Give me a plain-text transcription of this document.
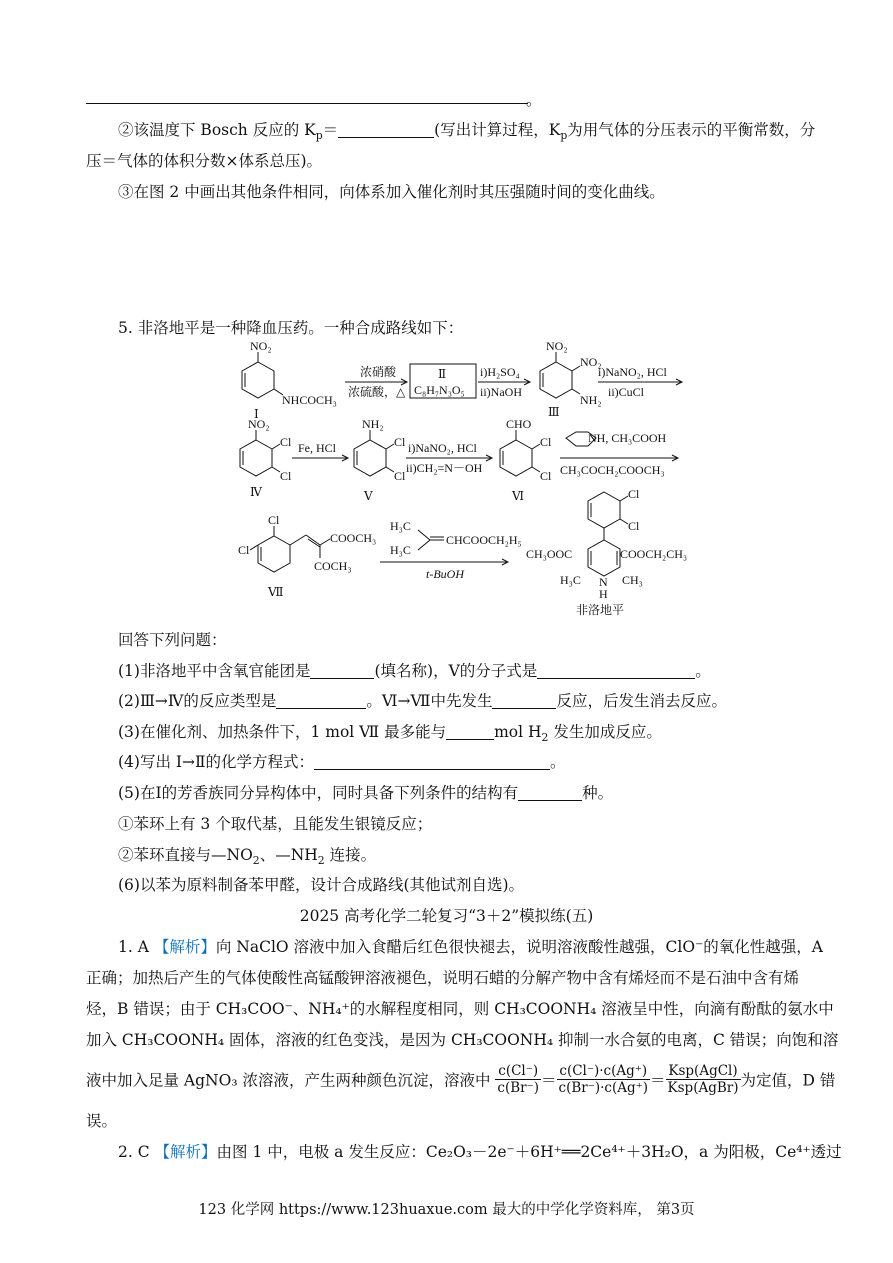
。
②该温度下 Bosch 反应的 $K_p=$	(写出计算过程，$K_p$为用气体的分压表示的平衡常数，分
压＝气体的体积分数×体系总压)。
③在图 2 中画出其他条件相同，向体系加入催化剂时其压强随时间的变化曲线。
5. 非洛地平是一种降血压药。一种合成路线如下：
NO₂
NHCOCH₃
Ⅰ
浓硝酸
浓硫酸，△
Ⅱ
C₈H₇N₃O₅
i)H₂SO₄
ii)NaOH
NO₂
NO₂
NH₂
Ⅲ
i)NaNO₂, HCl
ii)CuCl
NO₂
Cl
Cl
Ⅳ
Fe, HCl
NH₂
Cl
Cl
Ⅴ
i)NaNO₂, HCl
ii)CH₂=N－OH
CHO
Cl
Cl
Ⅵ
NH, CH₃COOH
CH₃COCH₂COOCH₃
Cl
Cl
COOCH₃
COCH₃
Ⅶ
H₃C
H₃C
CHCOOCH₂H₅
t-BuOH
Cl
Cl
CH₃OOC	COOCH₂CH₃
H₃C N
H
CH₃
非洛地平
回答下列问题：
(1)非洛地平中含氧官能团是	(填名称)，Ⅴ的分子式是	。
(2)Ⅲ→Ⅳ的反应类型是	。Ⅵ→Ⅶ中先发生	反应，后发生消去反应。
(3)在催化剂、加热条件下，1 mol Ⅶ 最多能与	mol $H_2$ 发生加成反应。
(4)写出 Ⅰ→Ⅱ的化学方程式：	。
(5)在Ⅰ的芳香族同分异构体中，同时具备下列条件的结构有	种。
①苯环上有 3 个取代基，且能发生银镜反应；
②苯环直接与$—NO_2$、$—NH_2$ 连接。
(6)以苯为原料制备苯甲醛，设计合成路线(其他试剂自选)。
2025 高考化学二轮复习“3＋2”模拟练(五)
1. A 【解析】向 NaClO 溶液中加入食醋后红色很快褪去，说明溶液酸性越强，ClO⁻的氧化性越强，A
正确；加热后产生的气体使酸性高锰酸钾溶液褪色，说明石蜡的分解产物中含有烯烃而不是石油中含有烯
烃，B 错误；由于 CH₃COO⁻、NH₄⁺的水解程度相同，则 CH₃COONH₄ 溶液呈中性，向滴有酚酞的氨水中
加入 CH₃COONH₄ 固体，溶液的红色变浅，是因为 CH₃COONH₄ 抑制一水合氨的电离，C 错误；向饱和溶
液中加入足量 AgNO₃ 浓溶液，产生两种颜色沉淀，溶液中 $\frac{c(Cl^-)}{c(Br^-)} = \frac{c(Cl^-)\cdot c(Ag^+)}{c(Br^-)\cdot c(Ag^+)} = \frac{\text{Ksp(AgCl)}}{\text{Ksp(AgBr)}}$ 为定值，D 错
误。
2. C 【解析】由图 1 中，电极 a 发生反应：Ce₂O₃－2e⁻＋6H⁺══2Ce⁴⁺＋3H₂O，a 为阳极，Ce⁴⁺透过
123 化学网 https://www.123huaxue.com 最大的中学化学资料库， 第3页
